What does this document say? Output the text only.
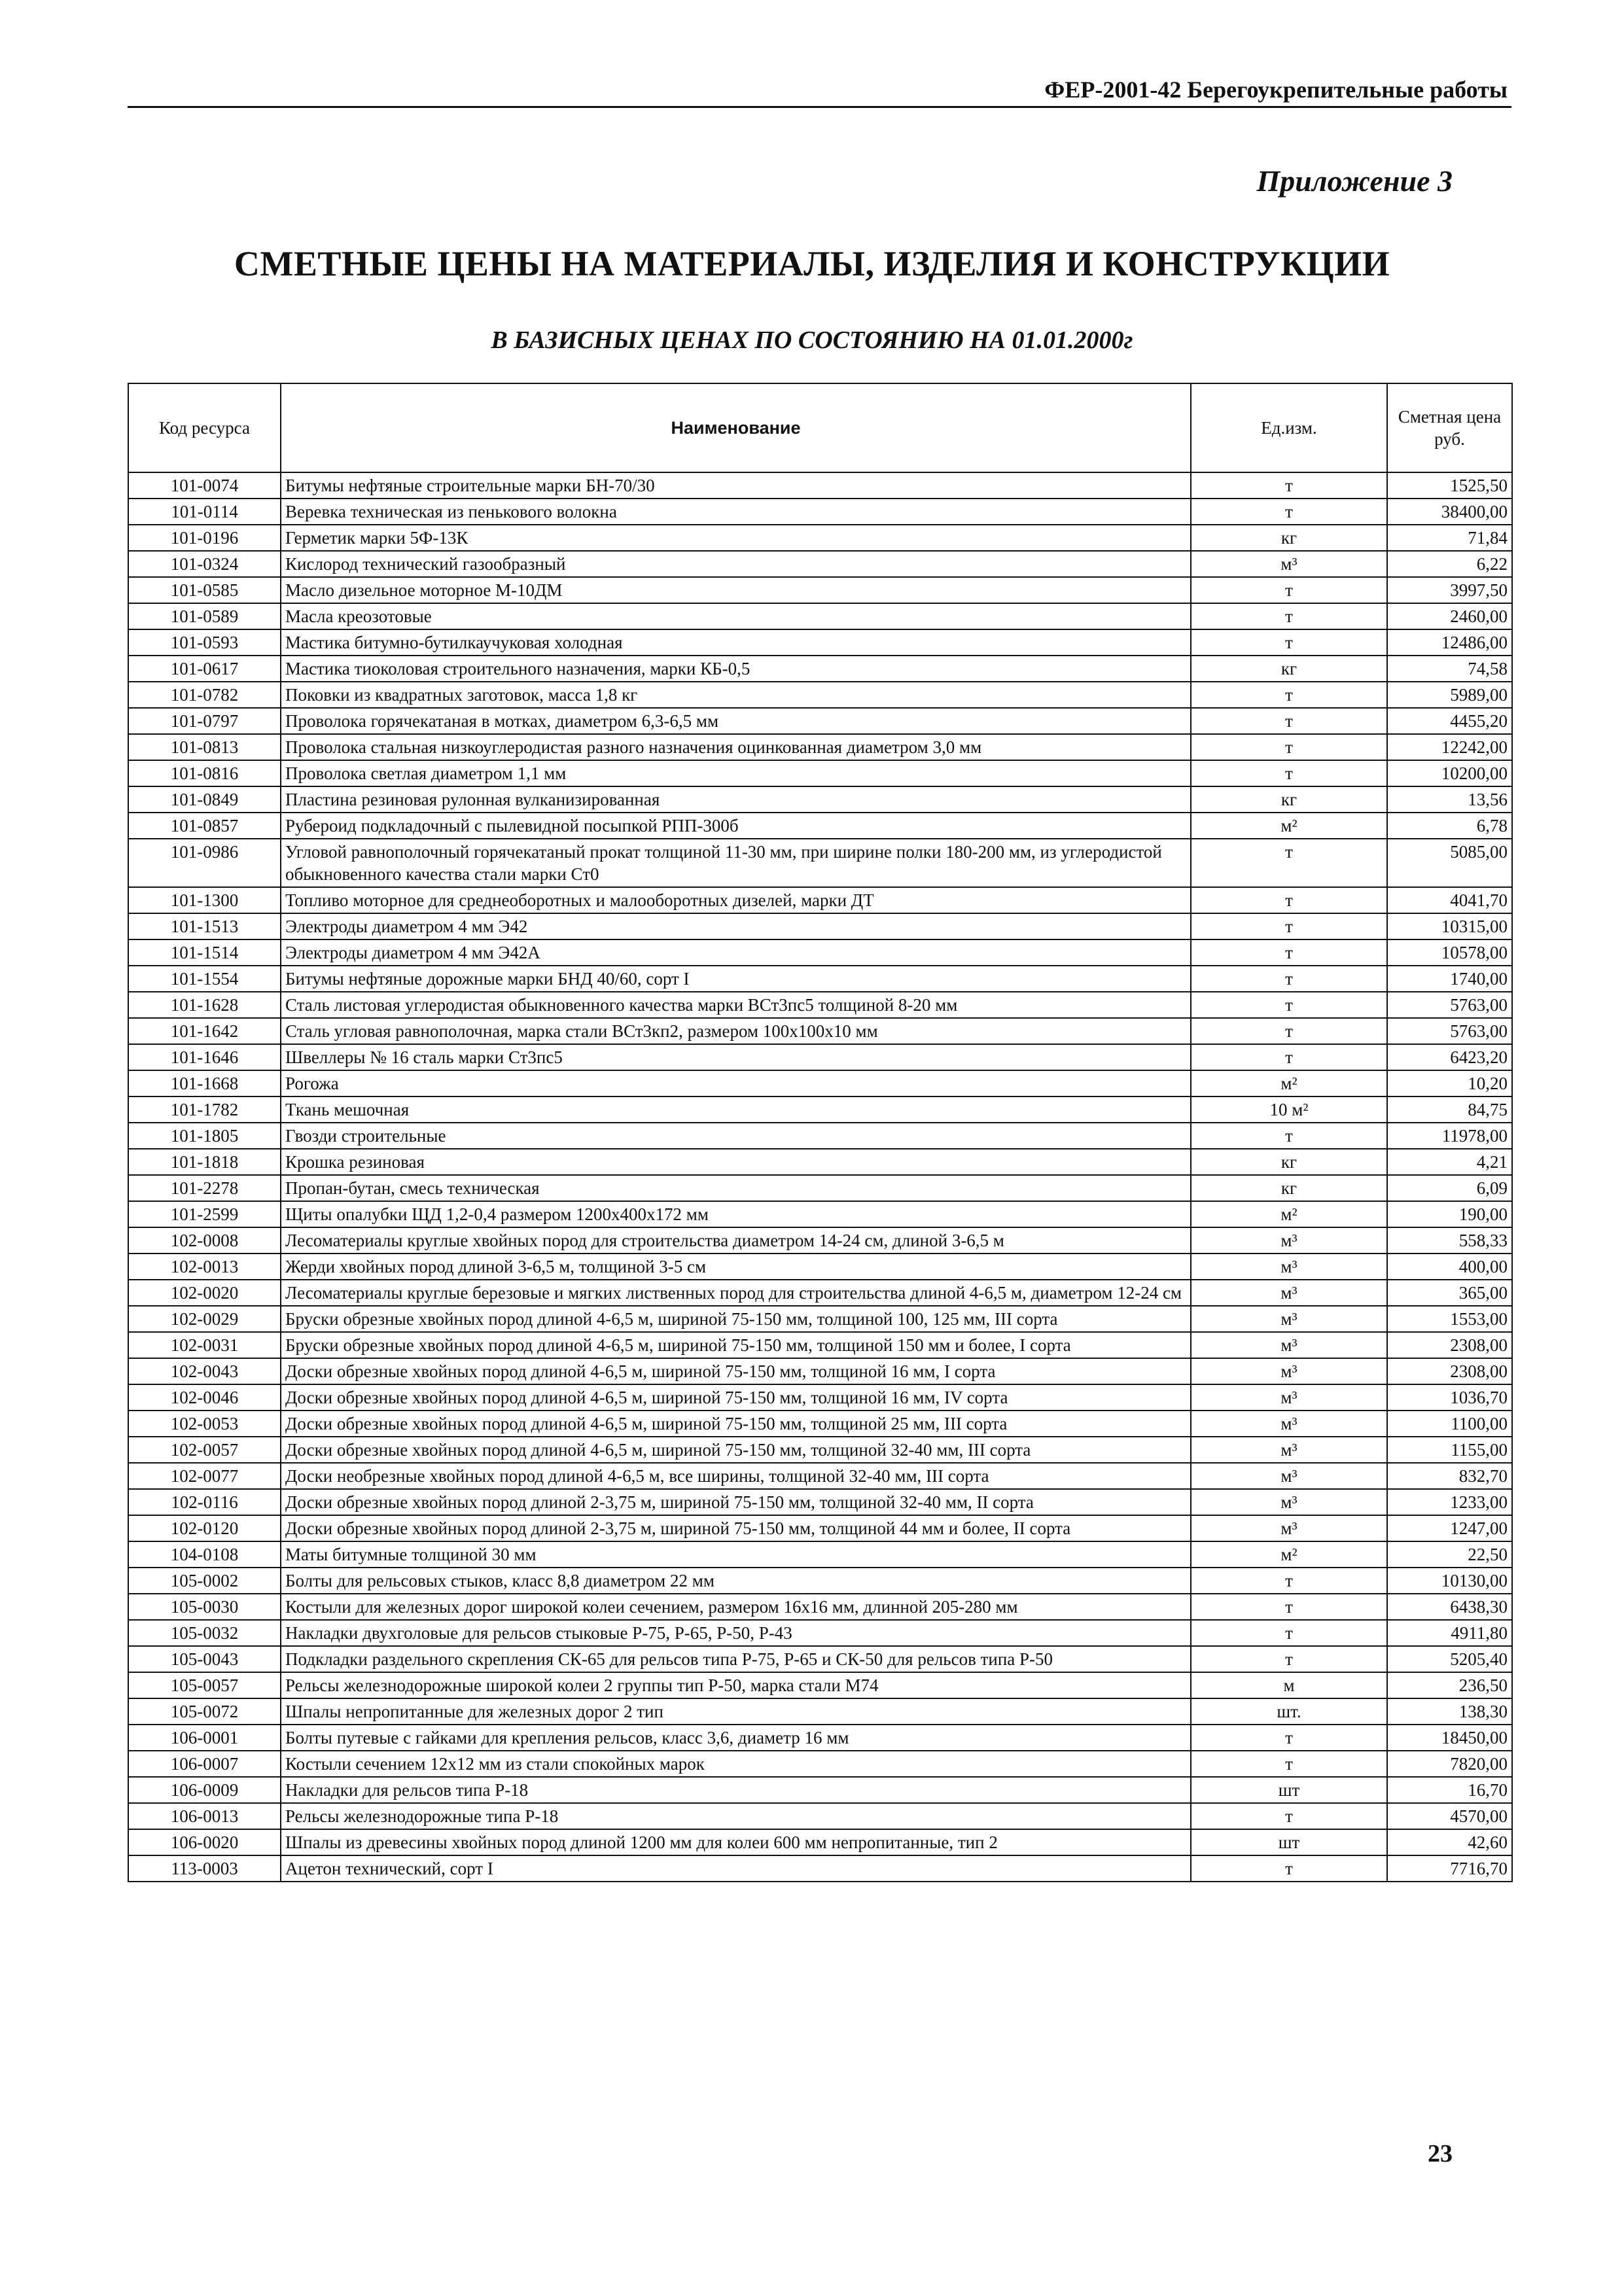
ФЕР-2001-42 Берегоукрепительные работы
Приложение 3
СМЕТНЫЕ ЦЕНЫ НА МАТЕРИАЛЫ, ИЗДЕЛИЯ И КОНСТРУКЦИИ
В БАЗИСНЫХ ЦЕНАХ ПО СОСТОЯНИЮ НА 01.01.2000г
Код ресурса	Наименование	Ед.изм.	Сметная цена руб.
101-0074	Битумы нефтяные строительные марки БН-70/30	т	1525,50
101-0114	Веревка техническая из пенькового волокна	т	38400,00
101-0196	Герметик марки 5Ф-13К	кг	71,84
101-0324	Кислород технический газообразный	м³	6,22
101-0585	Масло дизельное моторное М-10ДМ	т	3997,50
101-0589	Масла креозотовые	т	2460,00
101-0593	Мастика битумно-бутилкаучуковая холодная	т	12486,00
101-0617	Мастика тиоколовая строительного назначения, марки КБ-0,5	кг	74,58
101-0782	Поковки из квадратных заготовок, масса 1,8 кг	т	5989,00
101-0797	Проволока горячекатаная в мотках, диаметром 6,3-6,5 мм	т	4455,20
101-0813	Проволока стальная низкоуглеродистая разного назначения оцинкованная диаметром 3,0 мм	т	12242,00
101-0816	Проволока светлая диаметром 1,1 мм	т	10200,00
101-0849	Пластина резиновая рулонная вулканизированная	кг	13,56
101-0857	Рубероид подкладочный с пылевидной посыпкой РПП-300б	м²	6,78
101-0986	Угловой равнополочный горячекатаный прокат толщиной 11-30 мм, при ширине полки 180-200 мм, из углеродистой обыкновенного качества стали марки Ст0	т	5085,00
101-1300	Топливо моторное для среднеоборотных и малооборотных дизелей, марки ДТ	т	4041,70
101-1513	Электроды диаметром 4 мм Э42	т	10315,00
101-1514	Электроды диаметром 4 мм Э42А	т	10578,00
101-1554	Битумы нефтяные дорожные марки БНД 40/60, сорт I	т	1740,00
101-1628	Сталь листовая углеродистая обыкновенного качества марки ВСт3пс5 толщиной 8-20 мм	т	5763,00
101-1642	Сталь угловая равнополочная, марка стали ВСт3кп2, размером 100х100х10 мм	т	5763,00
101-1646	Швеллеры № 16 сталь марки Ст3пс5	т	6423,20
101-1668	Рогожа	м²	10,20
101-1782	Ткань мешочная	10 м²	84,75
101-1805	Гвозди строительные	т	11978,00
101-1818	Крошка резиновая	кг	4,21
101-2278	Пропан-бутан, смесь техническая	кг	6,09
101-2599	Щиты опалубки ЩД 1,2-0,4 размером 1200х400х172 мм	м²	190,00
102-0008	Лесоматериалы круглые хвойных пород для строительства диаметром 14-24 см, длиной 3-6,5 м	м³	558,33
102-0013	Жерди хвойных пород длиной 3-6,5 м, толщиной 3-5 см	м³	400,00
102-0020	Лесоматериалы круглые березовые и мягких лиственных пород для строительства длиной 4-6,5 м, диаметром 12-24 см	м³	365,00
102-0029	Бруски обрезные хвойных пород длиной 4-6,5 м, шириной 75-150 мм, толщиной 100, 125 мм, III сорта	м³	1553,00
102-0031	Бруски обрезные хвойных пород длиной 4-6,5 м, шириной 75-150 мм, толщиной 150 мм и более, I сорта	м³	2308,00
102-0043	Доски обрезные хвойных пород длиной 4-6,5 м, шириной 75-150 мм, толщиной 16 мм, I сорта	м³	2308,00
102-0046	Доски обрезные хвойных пород длиной 4-6,5 м, шириной 75-150 мм, толщиной 16 мм, IV сорта	м³	1036,70
102-0053	Доски обрезные хвойных пород длиной 4-6,5 м, шириной 75-150 мм, толщиной 25 мм, III сорта	м³	1100,00
102-0057	Доски обрезные хвойных пород длиной 4-6,5 м, шириной 75-150 мм, толщиной 32-40 мм, III сорта	м³	1155,00
102-0077	Доски необрезные хвойных пород длиной 4-6,5 м, все ширины, толщиной 32-40 мм, III сорта	м³	832,70
102-0116	Доски обрезные хвойных пород длиной 2-3,75 м, шириной 75-150 мм, толщиной 32-40 мм, II сорта	м³	1233,00
102-0120	Доски обрезные хвойных пород длиной 2-3,75 м, шириной 75-150 мм, толщиной 44 мм и более, II сорта	м³	1247,00
104-0108	Маты битумные толщиной 30 мм	м²	22,50
105-0002	Болты для рельсовых стыков, класс 8,8 диаметром 22 мм	т	10130,00
105-0030	Костыли для железных дорог широкой колеи сечением, размером 16х16 мм, длинной 205-280 мм	т	6438,30
105-0032	Накладки двухголовые для рельсов стыковые Р-75, Р-65, Р-50, Р-43	т	4911,80
105-0043	Подкладки раздельного скрепления СК-65 для рельсов типа Р-75, Р-65 и СК-50 для рельсов типа Р-50	т	5205,40
105-0057	Рельсы железнодорожные широкой колеи 2 группы тип Р-50, марка стали М74	м	236,50
105-0072	Шпалы непропитанные для железных дорог 2 тип	шт.	138,30
106-0001	Болты путевые с гайками для крепления рельсов, класс 3,6, диаметр 16 мм	т	18450,00
106-0007	Костыли сечением 12х12 мм из стали спокойных марок	т	7820,00
106-0009	Накладки для рельсов типа Р-18	шт	16,70
106-0013	Рельсы железнодорожные типа Р-18	т	4570,00
106-0020	Шпалы из древесины хвойных пород длиной 1200 мм для колеи 600 мм непропитанные, тип 2	шт	42,60
113-0003	Ацетон технический, сорт I	т	7716,70
23
